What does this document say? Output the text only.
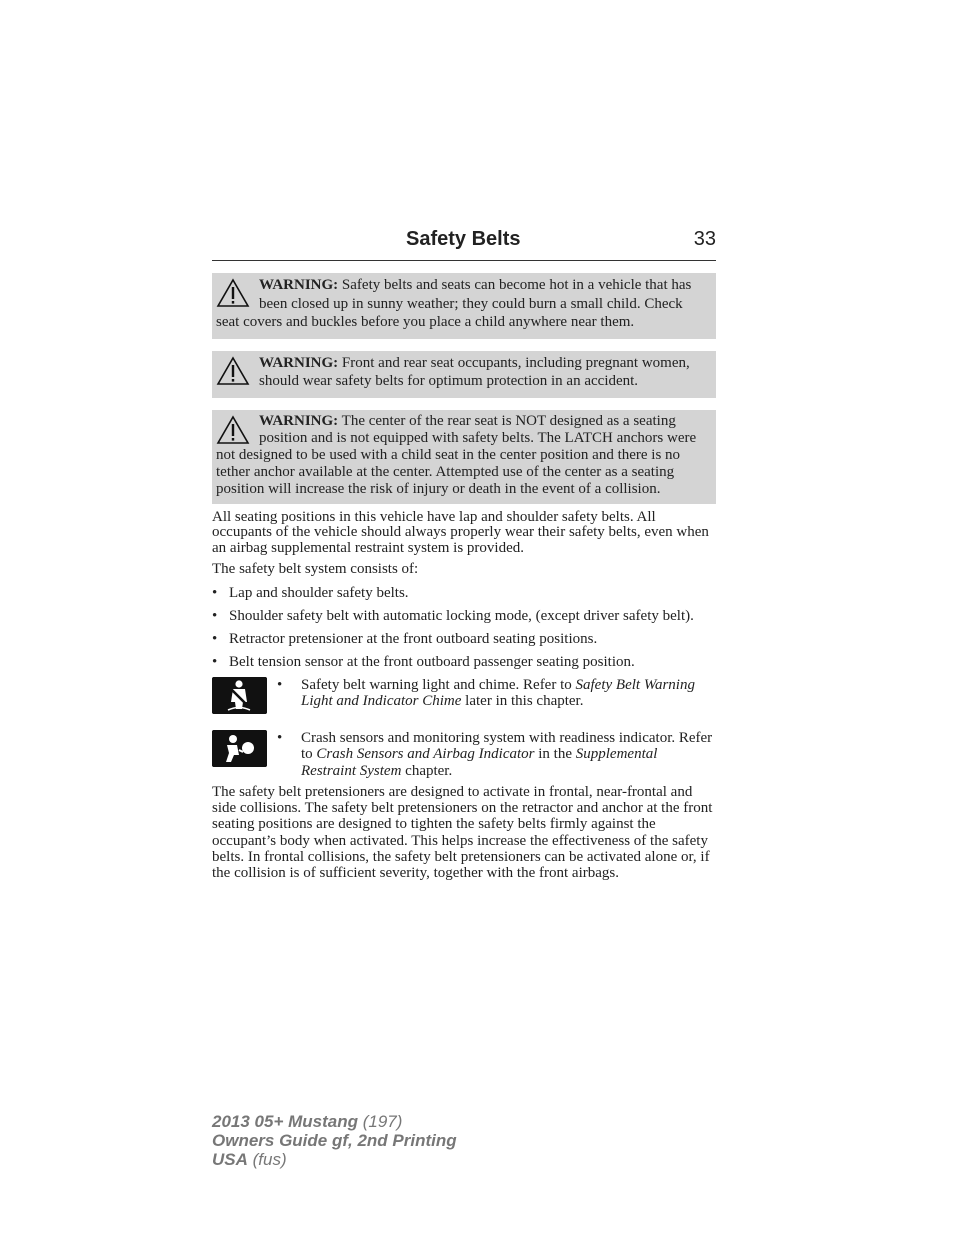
Safety Belts	33
WARNING: Safety belts and seats can become hot in a vehicle that has been closed up in sunny weather; they could burn a small child. Check seat covers and buckles before you place a child anywhere near them.
WARNING: Front and rear seat occupants, including pregnant women, should wear safety belts for optimum protection in an accident.
WARNING: The center of the rear seat is NOT designed as a seating position and is not equipped with safety belts. The LATCH anchors were not designed to be used with a child seat in the center position and there is no tether anchor available at the center. Attempted use of the center as a seating position will increase the risk of injury or death in the event of a collision.

All seating positions in this vehicle have lap and shoulder safety belts. All occupants of the vehicle should always properly wear their safety belts, even when an airbag supplemental restraint system is provided.

The safety belt system consists of:

• Lap and shoulder safety belts.
• Shoulder safety belt with automatic locking mode, (except driver safety belt).
• Retractor pretensioner at the front outboard seating positions.
• Belt tension sensor at the front outboard passenger seating position.
• Safety belt warning light and chime. Refer to Safety Belt Warning Light and Indicator Chime later in this chapter.
• Crash sensors and monitoring system with readiness indicator. Refer to Crash Sensors and Airbag Indicator in the Supplemental Restraint System chapter.

The safety belt pretensioners are designed to activate in frontal, near-frontal and side collisions. The safety belt pretensioners on the retractor and anchor at the front seating positions are designed to tighten the safety belts firmly against the occupant’s body when activated. This helps increase the effectiveness of the safety belts. In frontal collisions, the safety belt pretensioners can be activated alone or, if the collision is of sufficient severity, together with the front airbags.

2013 05+ Mustang (197)
Owners Guide gf, 2nd Printing
USA (fus)
